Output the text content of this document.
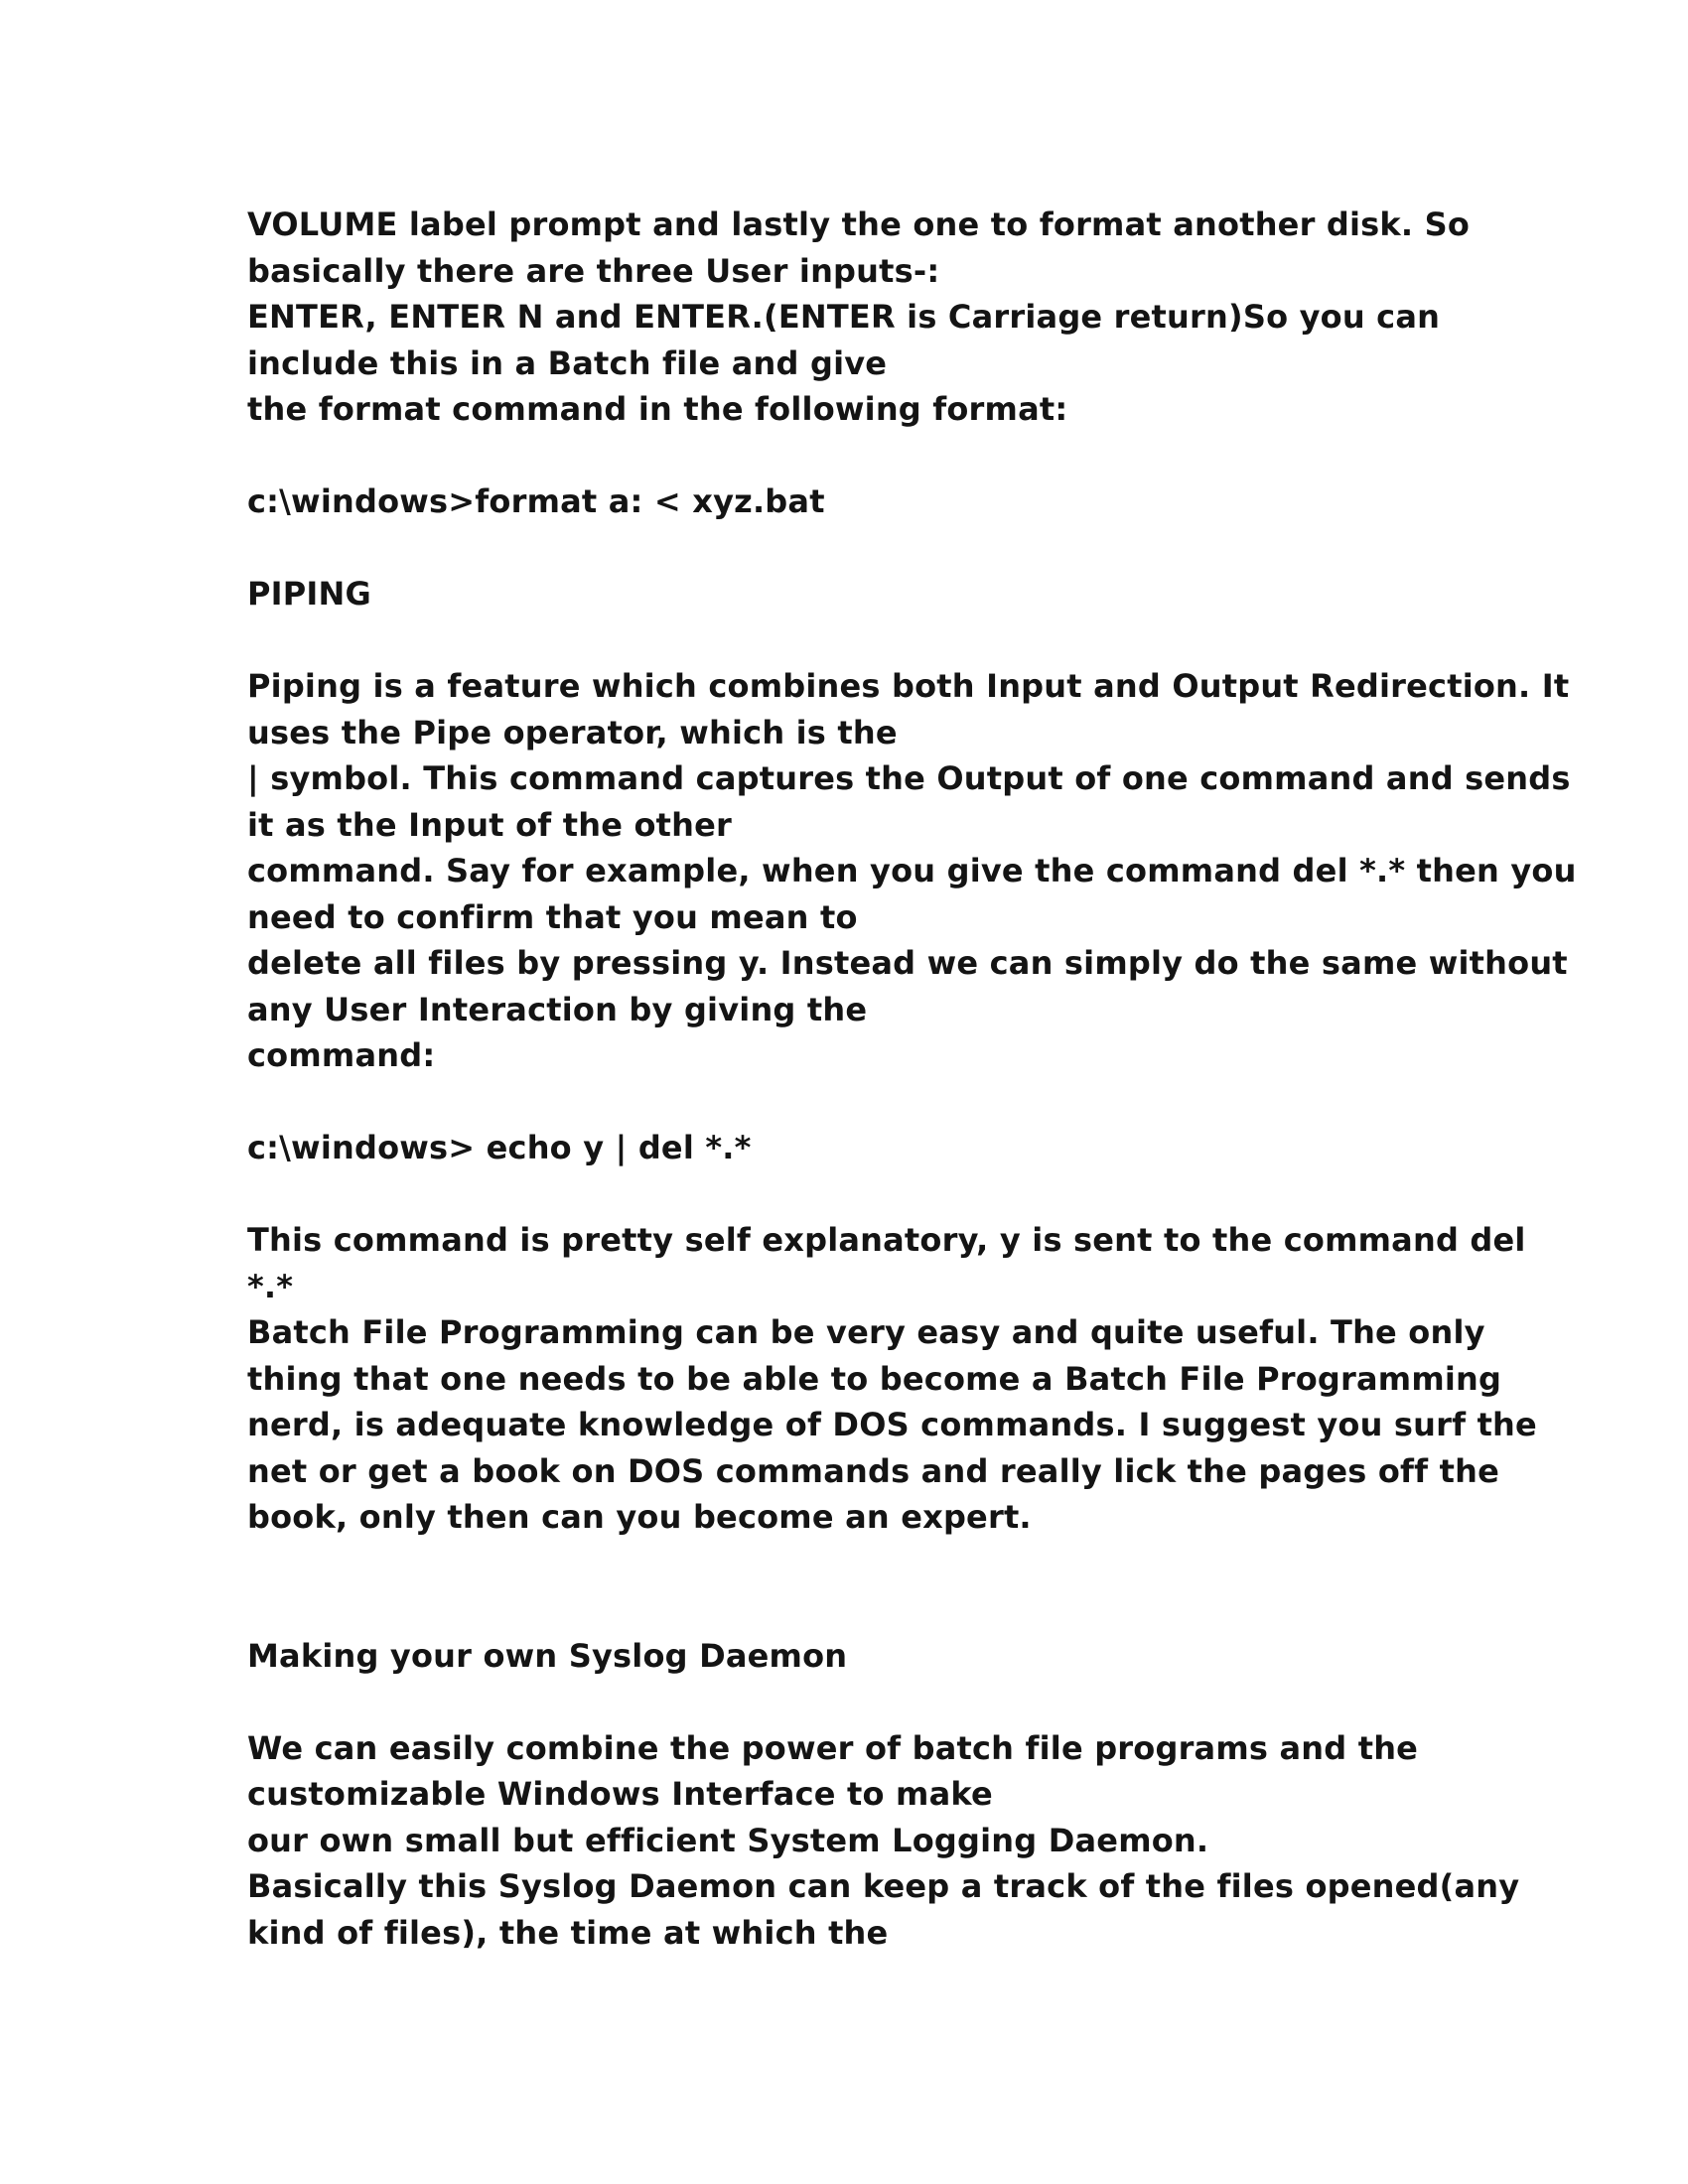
VOLUME label prompt and lastly the one to format another disk. So
basically there are three User inputs-:
ENTER, ENTER N and ENTER.(ENTER is Carriage return)So you can
include this in a Batch file and give
the format command in the following format:
c:\windows>format a: < xyz.bat
PIPING
Piping is a feature which combines both Input and Output Redirection. It
uses the Pipe operator, which is the
| symbol. This command captures the Output of one command and sends
it as the Input of the other
command. Say for example, when you give the command del *.* then you
need to confirm that you mean to
delete all files by pressing y. Instead we can simply do the same without
any User Interaction by giving the
command:
c:\windows> echo y | del *.*
This command is pretty self explanatory, y is sent to the command del
*.*
Batch File Programming can be very easy and quite useful. The only
thing that one needs to be able to become a Batch File Programming
nerd, is adequate knowledge of DOS commands. I suggest you surf the
net or get a book on DOS commands and really lick the pages off the
book, only then can you become an expert.
Making your own Syslog Daemon
We can easily combine the power of batch file programs and the
customizable Windows Interface to make
our own small but efficient System Logging Daemon.
Basically this Syslog Daemon can keep a track of the files opened(any
kind of files), the time at which the
